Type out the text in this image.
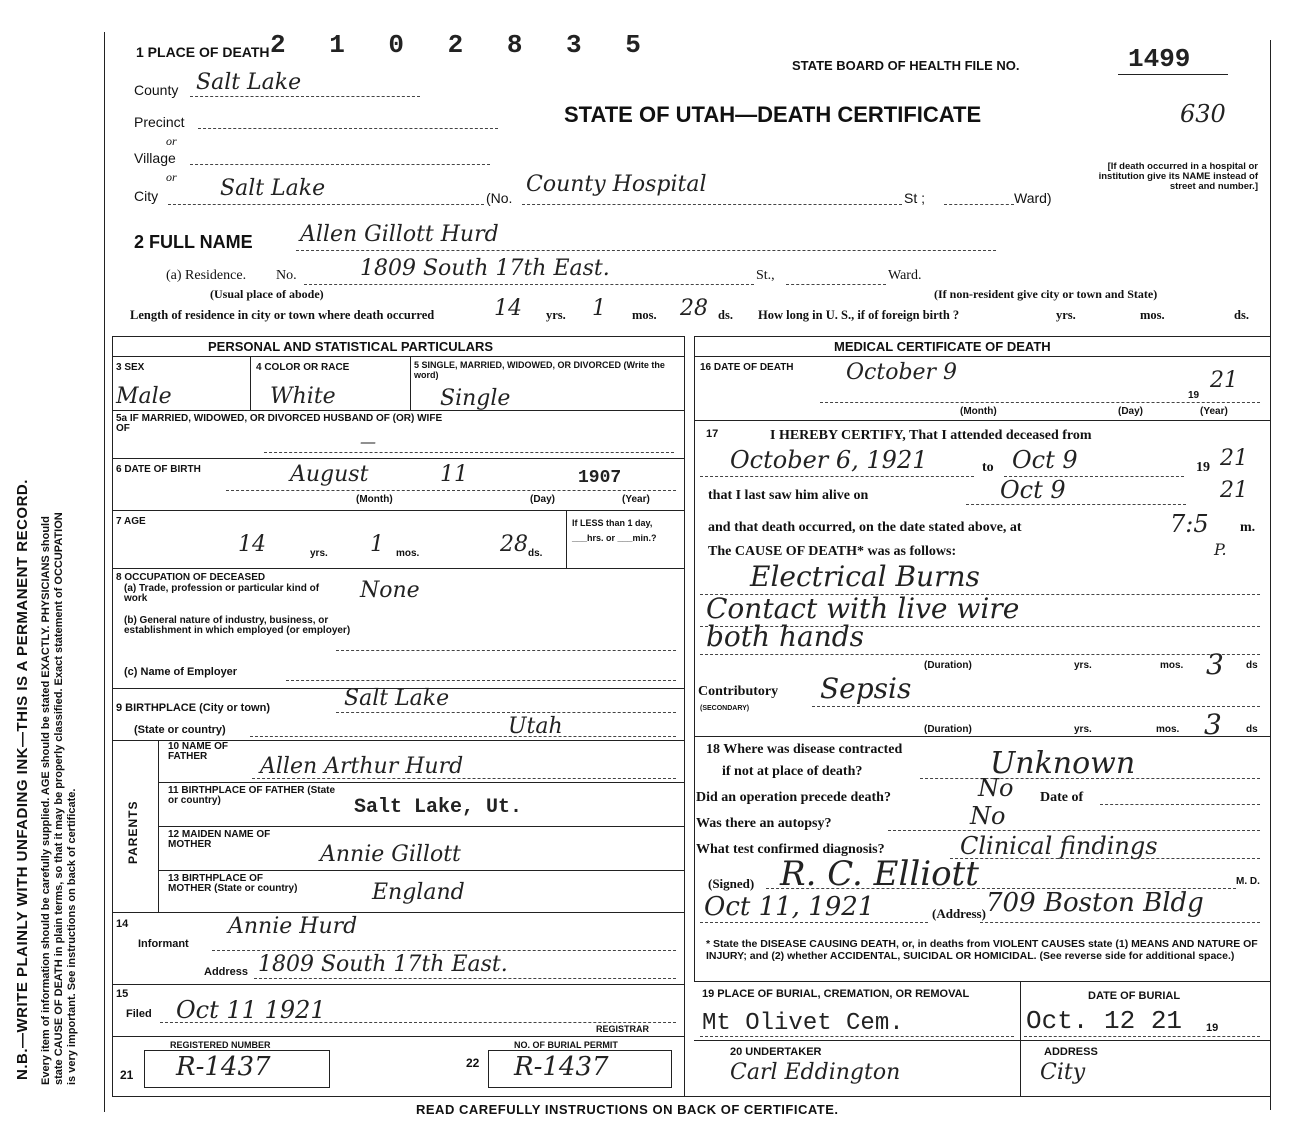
N.B.—WRITE PLAINLY WITH UNFADING INK—THIS IS A PERMANENT RECORD. Every item of information should be carefully supplied. AGE should be stated EXACTLY. PHYSICIANS should state CAUSE OF DEATH in plain terms, so that it may be properly classified. Exact statement of OCCUPATION is very important. See instructions on back of certificate.
1 PLACE OF DEATH 2 1 0 2 8 3 5
STATE BOARD OF HEALTH FILE NO.	1499
STATE OF UTAH—DEATH CERTIFICATE	630
[If death occurred in a hospital or institution give its NAME instead of street and number.]
County Salt Lake
Precinct
or
Village
or
City	Salt Lake	(No.
County Hospital
St ;	Ward)
2 FULL NAME Allen Gillott Hurd
(a) Residence. No.	1809 South 17th East.	St.,	Ward.
(Usual place of abode)	(If non-resident give city or town and State)
Length of residence in city or town where death occurred	14 yrs. 1 mos. 28 ds. How long in U. S., if of foreign birth ?	yrs.	mos.	ds.
PERSONAL AND STATISTICAL PARTICULARS
3 SEX
Male
4 COLOR OR RACE
White
5 SINGLE, MARRIED, WIDOWED, OR DIVORCED (Write the word)
Single
5a IF MARRIED, WIDOWED, OR DIVORCED HUSBAND OF (OR) WIFE OF
—
6 DATE OF BIRTH	August	11	1907
(Month)	(Day)	(Year)
7 AGE
14	yrs. 1 mos.	28 ds.
If LESS than 1 day, ___hrs. or ___min.?
8 OCCUPATION OF DECEASED
(a) Trade, profession or particular kind of work	None
(b) General nature of industry, business, or establishment in which employed (or employer)
(c) Name of Employer
9 BIRTHPLACE (City or town)	Salt Lake
(State or country)	Utah
PARENTS
10 NAME OF FATHER	Allen Arthur Hurd
11 BIRTHPLACE OF FATHER (State or country)	Salt Lake, Ut.
12 MAIDEN NAME OF MOTHER	Annie Gillott
13 BIRTHPLACE OF MOTHER (State or country)	England
14
Informant
Annie Hurd
Address 1809 South 17th East.
15
Filed Oct 11 1921
REGISTRAR
REGISTERED NUMBER
21 R-1437
NO. OF BURIAL PERMIT
22 R-1437
MEDICAL CERTIFICATE OF DEATH
16 DATE OF DEATH October 9	21
19
(Month)	(Day)	(Year)
17	I HEREBY CERTIFY, That I attended deceased from
October 6, 1921	to Oct 9	19 21
that I last saw him alive on	Oct 9	21
and that death occurred, on the date stated above, at	7:5 m.
P.
The CAUSE OF DEATH* was as follows:
Electrical Burns
Contact with live wire
both hands
(Duration)	yrs.	mos. 3 ds
Contributory
(SECONDARY)
Sepsis
(Duration)	yrs.	mos. 3 ds
18 Where was disease contracted
if not at place of death?	Unknown
Did an operation precede death?	No Date of
Was there an autopsy?	No
What test confirmed diagnosis?	Clinical findings
(Signed) R. C. Elliott	M. D.
Oct 11, 1921	(Address) 709 Boston Bldg
* State the DISEASE CAUSING DEATH, or, in deaths from VIOLENT CAUSES state (1) MEANS AND NATURE OF INJURY; and (2) whether ACCIDENTAL, SUICIDAL OR HOMICIDAL. (See reverse side for additional space.)
19 PLACE OF BURIAL, CREMATION, OR REMOVAL
Mt Olivet Cem.
DATE OF BURIAL
Oct. 12 21 19
20 UNDERTAKER
Carl Eddington
ADDRESS
City
READ CAREFULLY INSTRUCTIONS ON BACK OF CERTIFICATE.
